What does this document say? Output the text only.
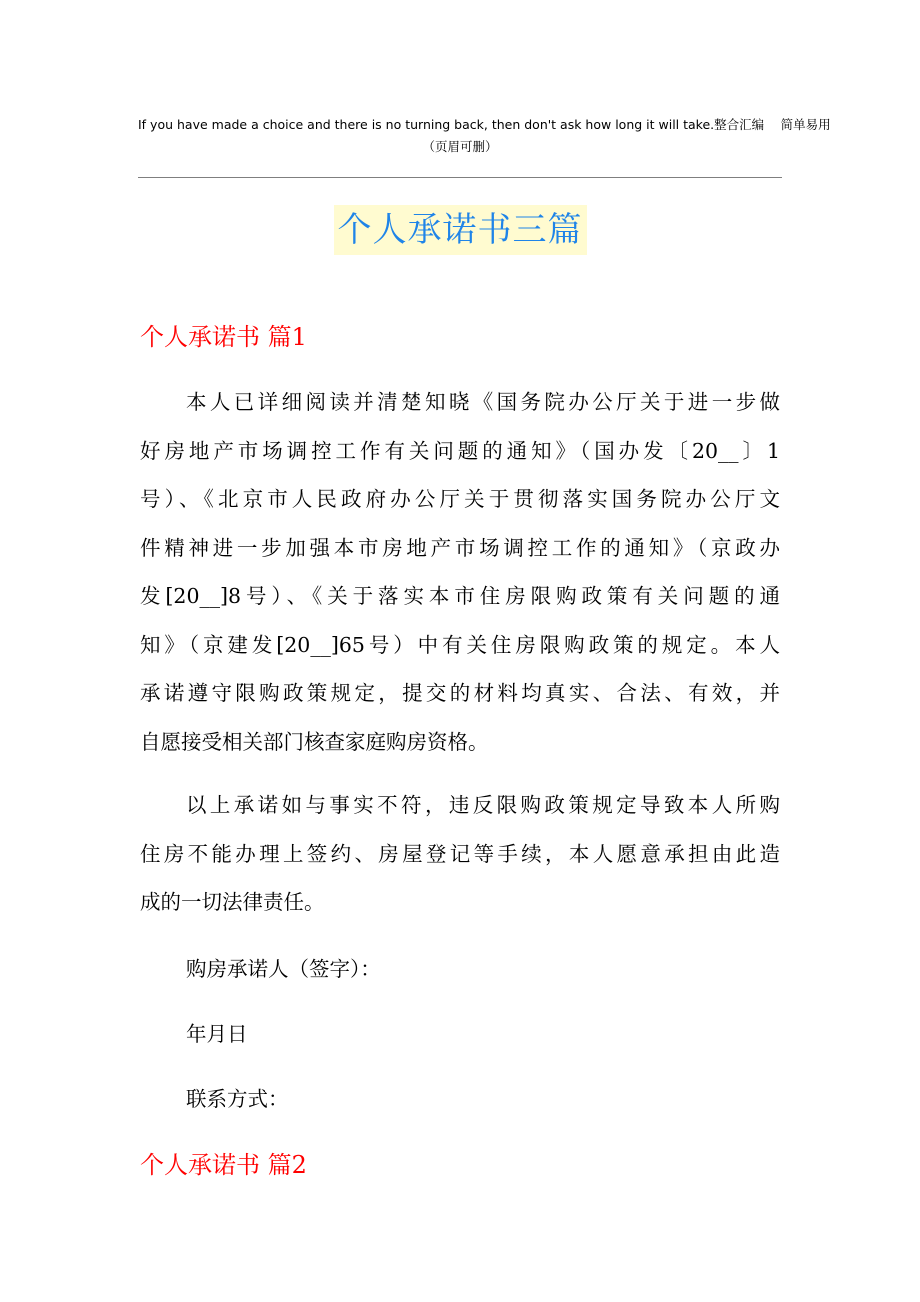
If you have made a choice and there is no turning back, then don't ask how long it will take.整合汇编　 简单易用
（页眉可删）
个人承诺书三篇
个人承诺书 篇1
本人已详细阅读并清楚知晓《国务院办公厅关于进一步做
好房地产市场调控工作有关问题的通知》（国办发〔20__〕1
号）、《北京市人民政府办公厅关于贯彻落实国务院办公厅文
件精神进一步加强本市房地产市场调控工作的通知》（京政办
发[20__]8号）、《关于落实本市住房限购政策有关问题的通
知》（京建发[20__]65号）中有关住房限购政策的规定。本人
承诺遵守限购政策规定，提交的材料均真实、合法、有效，并
自愿接受相关部门核查家庭购房资格。
以上承诺如与事实不符，违反限购政策规定导致本人所购
住房不能办理上签约、房屋登记等手续，本人愿意承担由此造
成的一切法律责任。
购房承诺人（签字）：
年月日
联系方式：
个人承诺书 篇2
